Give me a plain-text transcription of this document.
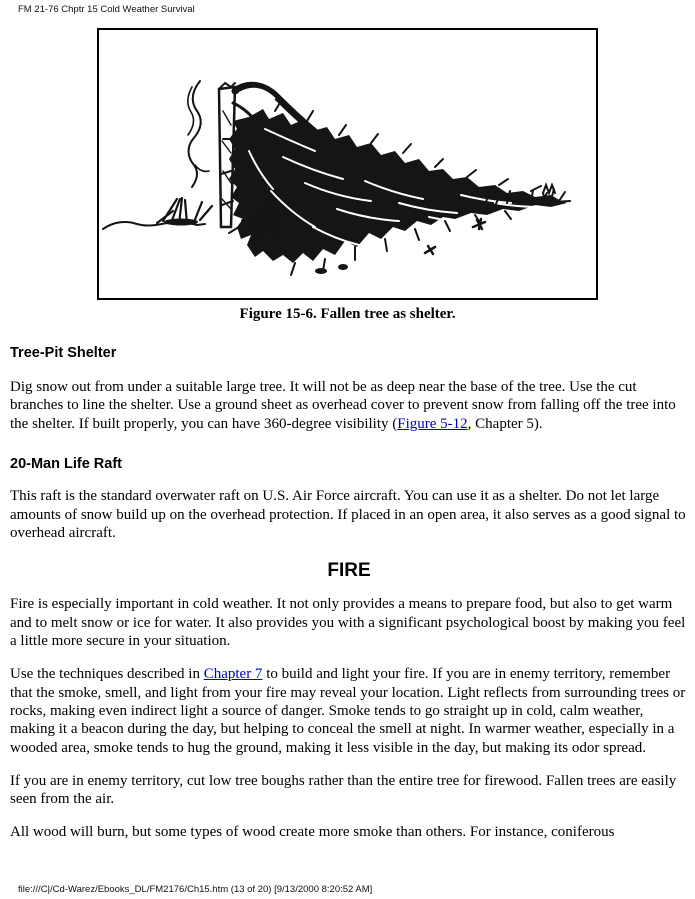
FM 21-76 Chptr 15 Cold Weather Survival
Figure 15-6. Fallen tree as shelter.
Tree-Pit Shelter

Dig snow out from under a suitable large tree. It will not be as deep near the base of the tree. Use the cut branches to line the shelter. Use a ground sheet as overhead cover to prevent snow from falling off the tree into the shelter. If built properly, you can have 360-degree visibility (Figure 5-12, Chapter 5).

20-Man Life Raft

This raft is the standard overwater raft on U.S. Air Force aircraft. You can use it as a shelter. Do not let large amounts of snow build up on the overhead protection. If placed in an open area, it also serves as a good signal to overhead aircraft.

FIRE

Fire is especially important in cold weather. It not only provides a means to prepare food, but also to get warm and to melt snow or ice for water. It also provides you with a significant psychological boost by making you feel a little more secure in your situation.

Use the techniques described in Chapter 7 to build and light your fire. If you are in enemy territory, remember that the smoke, smell, and light from your fire may reveal your location. Light reflects from surrounding trees or rocks, making even indirect light a source of danger. Smoke tends to go straight up in cold, calm weather, making it a beacon during the day, but helping to conceal the smell at night. In warmer weather, especially in a wooded area, smoke tends to hug the ground, making it less visible in the day, but making its odor spread.

If you are in enemy territory, cut low tree boughs rather than the entire tree for firewood. Fallen trees are easily seen from the air.

All wood will burn, but some types of wood create more smoke than others. For instance, coniferous

file:///C|/Cd-Warez/Ebooks_DL/FM2176/Ch15.htm (13 of 20) [9/13/2000 8:20:52 AM]
